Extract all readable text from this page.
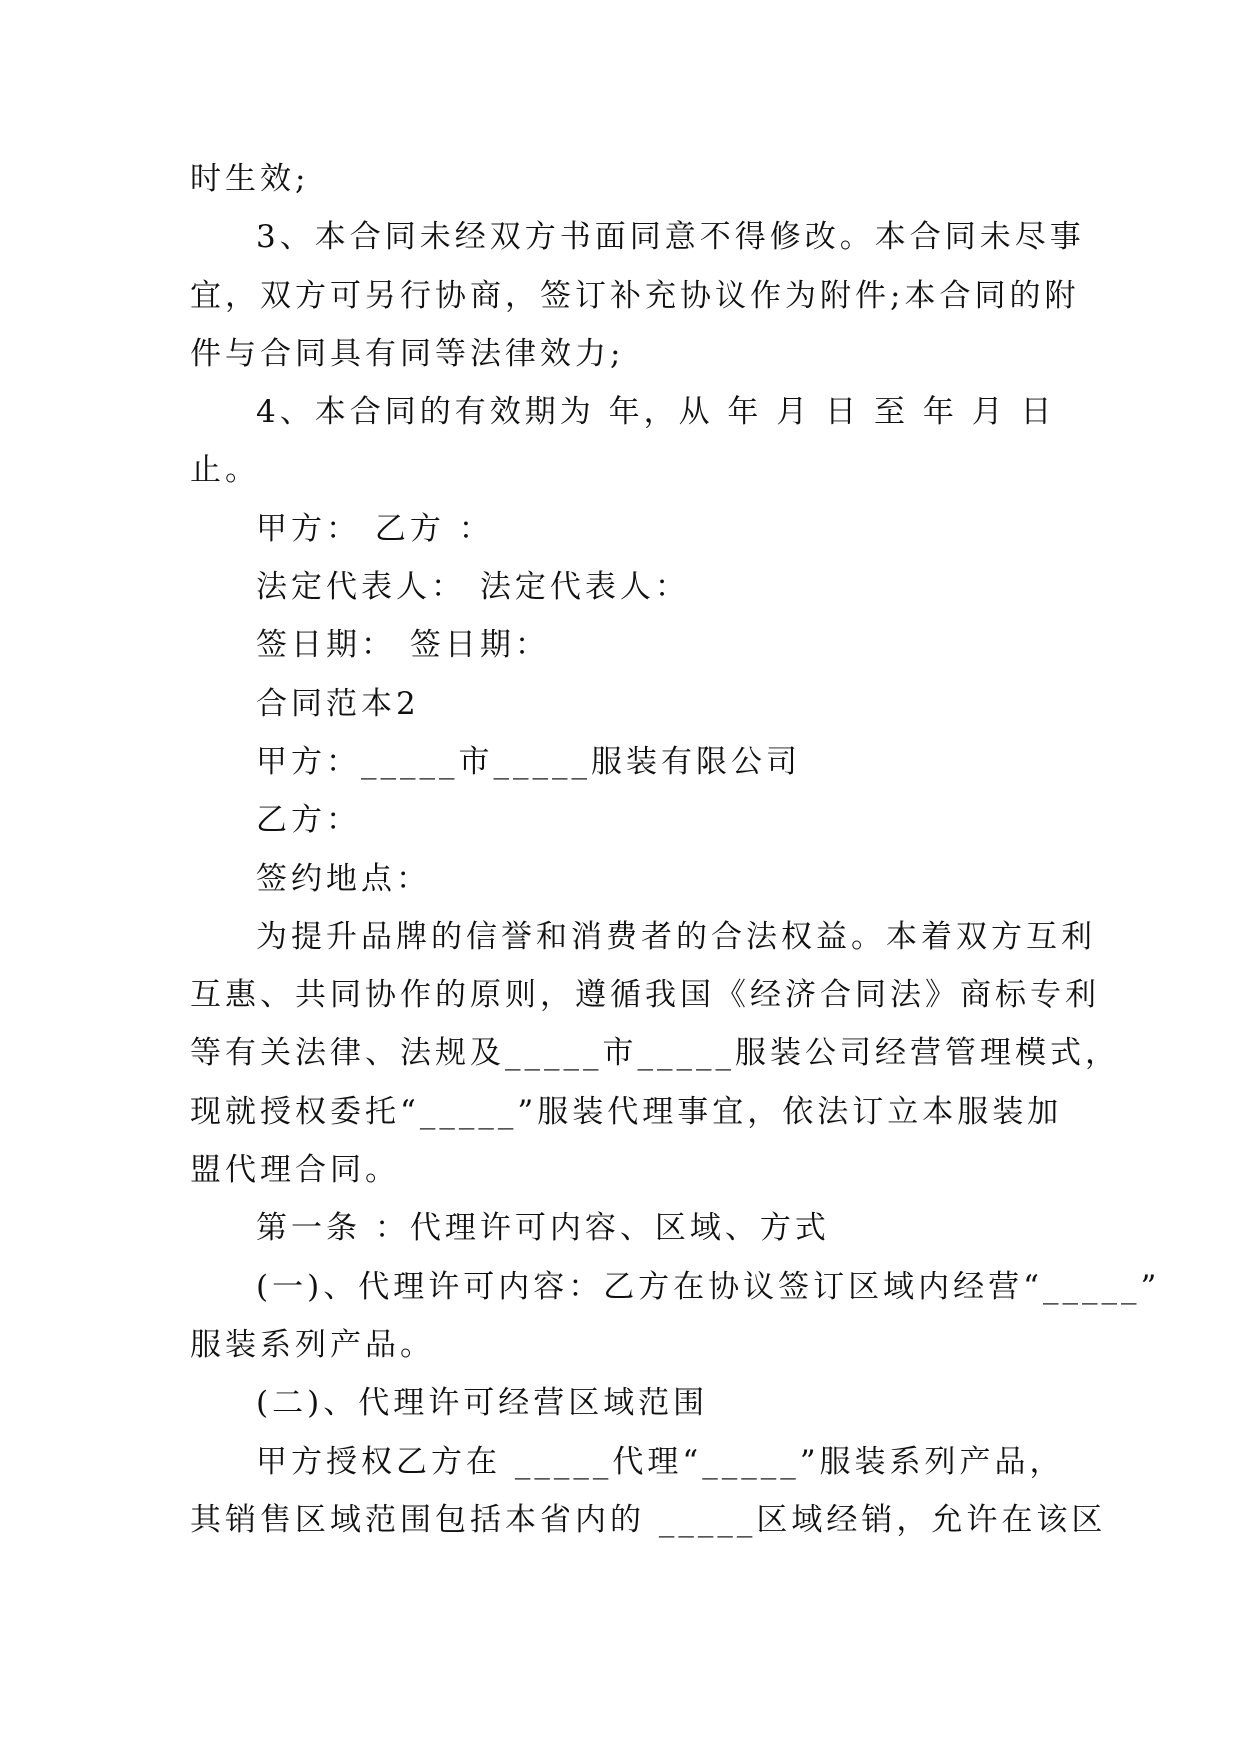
时生效;
3、本合同未经双方书面同意不得修改。本合同未尽事
宜，双方可另行协商，签订补充协议作为附件;本合同的附
件与合同具有同等法律效力;
4、本合同的有效期为 年，从 年 月 日 至 年 月 日
止。
甲方： 乙方 ：
法定代表人： 法定代表人：
签日期： 签日期：
合同范本2
甲方：_____市_____服装有限公司
乙方：
签约地点：
为提升品牌的信誉和消费者的合法权益。本着双方互利
互惠、共同协作的原则，遵循我国《经济合同法》商标专利
等有关法律、法规及_____市_____服装公司经营管理模式，
现就授权委托“_____”服装代理事宜，依法订立本服装加
盟代理合同。
第一条 ：代理许可内容、区域、方式
(一)、代理许可内容：乙方在协议签订区域内经营“_____”
服装系列产品。
(二)、代理许可经营区域范围
甲方授权乙方在 _____代理“_____”服装系列产品，
其销售区域范围包括本省内的 _____区域经销，允许在该区
